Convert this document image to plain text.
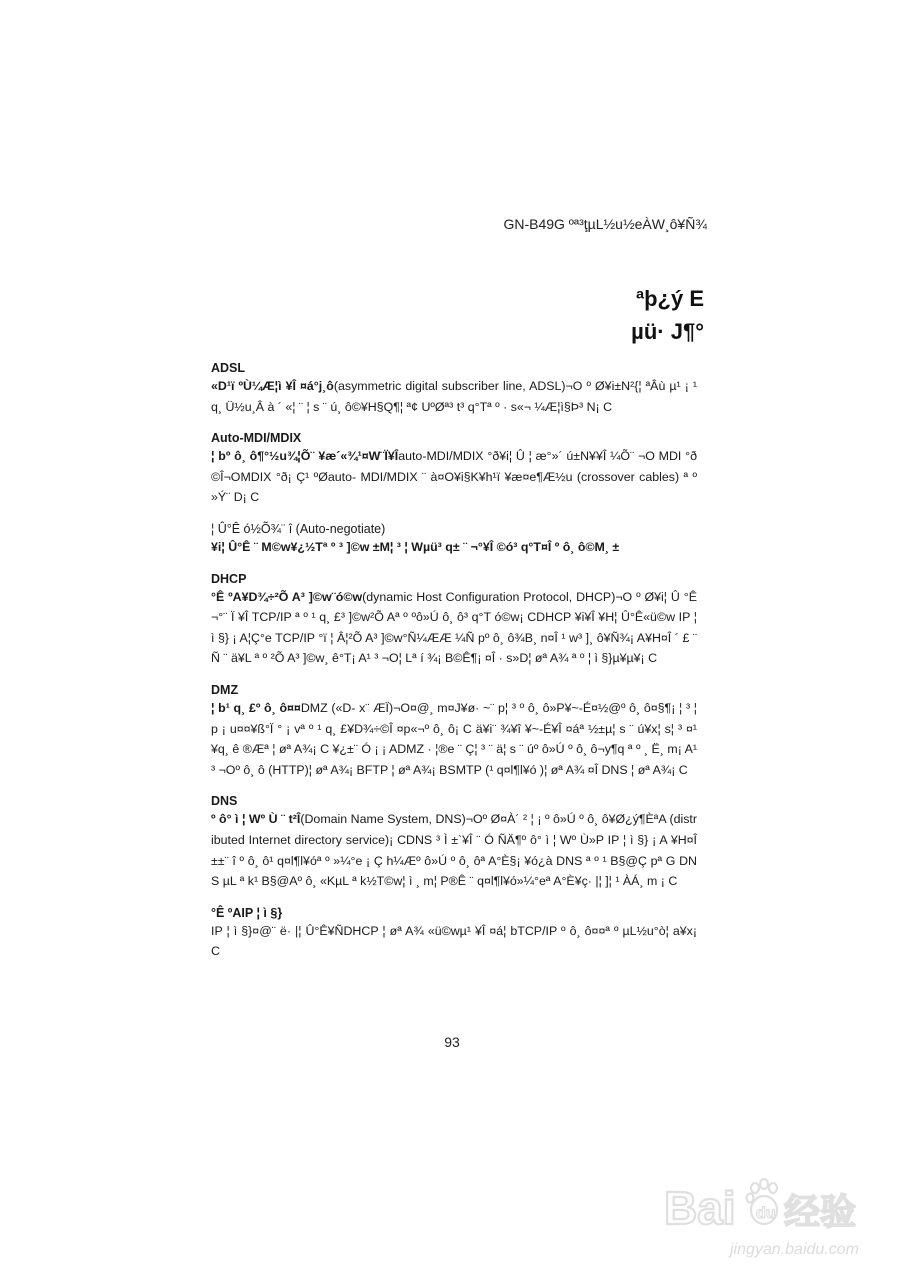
GN-B49G ºª³ţµL½u½eÀW¸ô¥Ñ¾
ªþ¿ý E
µü· J¶°
ADSL
«D¹ï ºÙ¼Æ¦ì ¥Î ¤á°j¸ô(asymmetric digital subscriber line, ADSL)¬O º Ø¥i±N²{¦ ªÂù µ¹ ¡ ¹ q¸ Ü½u¸Â à ´ «¦ ¨ ¦ s ¨ ú¸ ô©¥H§Q¶¦ ª¢ UºØª³ t³ q°Tª º · s«¬ ¼Æ¦ì§Þ³ N¡ C
Auto-MDI/MDIX
¦ bº ô¸ ô¶°½u¾¦Õ¨ ¥æ´«¾¹¤W¨Ï¥Îauto-MDI/MDIX °ð¥i¦ Û ¦ æ°»´ ú±N¥¥Î ¼Õ¨ ¬O MDI °ð©Î¬OMDIX °ð¡ Ç¹ ºØauto- MDI/MDIX ¨ à¤O¥i§K¥h¹ï ¥æ¤e¶Æ½u (crossover cables) ª º »Ý¨ D¡ C
¦ Û°Ê ó½Õ¾¨ î (Auto-negotiate)
¥i¦ Û°Ê ¨ M©w¥¿½Tª º ³ ]©w ±M¦ ³ ¦ Wµü³ q± ¨ ¬°¥Î ©ó³ q°T¤Î º ô¸ ô©M¸ ±
DHCP
°Ê ºA¥D¾÷²Õ A³ ]©w¨ó©w(dynamic Host Configuration Protocol, DHCP)¬O º Ø¥i¦ Û °Ê¬°¨ Ï ¥Î TCP/IP ª º ¹ q¸ £³ ]©w²Õ Aª º ºô»Ú ô¸ ô³ q°T ó©w¡ CDHCP ¥i¥Î ¥H¦ Û°Ê«ü©w IP ¦ ì §} ¡ A¦Ç°e TCP/IP °ï ¦ Â¦²Õ A³ ]©w°Ñ¼ÆÆ ¼Ñ pº ô¸ ô¾B¸ n¤Î ¹ w³ ]¸ ô¥Ñ¾¡ A¥H¤Î ´ £ ¨ Ñ ¨ ä¥L ª º ²Õ A³ ]©w¸ ê°T¡ A¹ ³ ¬O¦ Lª í ¾¡ B©Ê¶¡ ¤Î · s»D¦ øª A¾ ª º ¦ ì §}µ¥µ¥¡ C
DMZ
¦ b¹ q¸ £º ô¸ ô¤¤DMZ («D- x¨ ÆÏ)¬O¤@¸ m¤J¥ø· ~¨ p¦ ³ º ô¸ ô»P¥~-É¤½@º ô¸ ô¤§¶¡ ¦ ³ ¦ p ¡ u¤¤¥ß°Ï ° ¡ vª º ¹ q¸ £¥D¾÷©Î ¤p«¬º ô¸ ô¡ C ä¥i¨ ¾¥î ¥~-É¥Î ¤áª ½±µ¦ s ¨ ú¥x¦ s¦ ³ ¤¹¥q¸ ê ®Æª ¦ øª A¾¡ C ¥¿±¨ Ó ¡ ¡ ADMZ · ¦®e ¨ Ç¦ ³ ¨ ä¦ s ¨ úº ô»Ú º ô¸ ô¬y¶q ª º ¸ Ë¸ m¡ A¹ ³ ¬Oº ô¸ ô (HTTP)¦ øª A¾¡ BFTP ¦ øª A¾¡ BSMTP (¹ q¤l¶l¥ó )¦ øª A¾ ¤Î DNS ¦ øª A¾¡ C
DNS
º ô° ì ¦ Wº Ù ¨ t²Î(Domain Name System, DNS)¬Oº Ø¤À´ ² ¦ ¡ º ô»Ú º ô¸ ô¥Ø¿ý¶ÈªA (distributed Internet directory service)¡ CDNS ³ Ì ±`¥Î ¨ Ó ÑÄ¶º ô° ì ¦ Wº Ù»P IP ¦ ì §} ¡ A ¥H¤Î ±±¨ î º ô¸ ô¹ q¤l¶l¥óª º »¼°e ¡ Ç h¼Æº ô»Ú º ô¸ ôª A°È§¡ ¥ó¿à DNS ª º ¹ B§@Ç pª G DNS µL ª k¹ B§@Aº ô¸ «KµL ª k½T©w¦ ì ¸ m¦ P®Ê ¨ q¤l¶l¥ó»¼°eª A°È¥ç· |¦ ]¦ ¹ ÀÁ¸ m ¡ C
°Ê ºAIP ¦ ì §}
IP ¦ ì §}¤@¨ ë· |¦ Û°Ê¥ÑDHCP ¦ øª A¾ «ü©wµ¹ ¥Î ¤á¦ bTCP/IP º ô¸ ô¤¤ª º µL½u°ò¦ a¥x¡ C
93
Bai du 经验
jingyan.baidu.com
